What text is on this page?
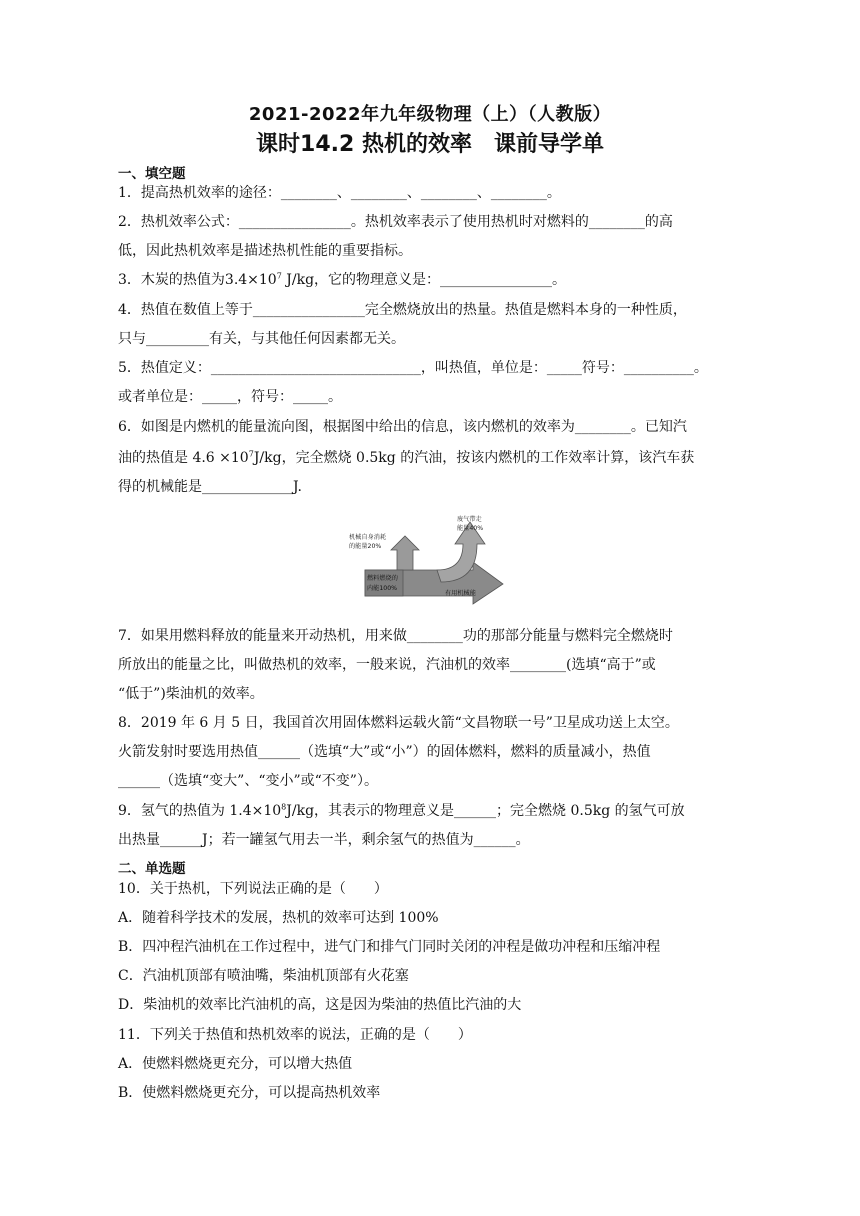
2021-2022年九年级物理（上）（人教版）
课时14.2 热机的效率　课前导学单
一、填空题
1．提高热机效率的途径：________、________、________、________。
2．热机效率公式：________________。热机效率表示了使用热机时对燃料的________的高
低，因此热机效率是描述热机性能的重要指标。
3．木炭的热值为$3.4\times 10^7$ J/kg，它的物理意义是：________________。
4．热值在数值上等于________________完全燃烧放出的热量。热值是燃料本身的一种性质，
只与_________有关，与其他任何因素都无关。
5．热值定义：______________________________，叫热值，单位是：_____符号：__________。
或者单位是：_____，符号：_____。
6．如图是内燃机的能量流向图，根据图中给出的信息，该内燃机的效率为________。已知汽
油的热值是 $4.6 \times 10^7J/kg$，完全燃烧 0.5kg 的汽油，按该内燃机的工作效率计算，该汽车获
得的机械能是_____________J.
废气带走
能量40%
机械自身消耗
的能量20%
燃料燃烧的
内能100%
有用机械能
7．如果用燃料释放的能量来开动热机，用来做________功的那部分能量与燃料完全燃烧时
所放出的能量之比，叫做热机的效率，一般来说，汽油机的效率________(选填“高于”或
“低于”)柴油机的效率。
8．2019 年 6 月 5 日，我国首次用固体燃料运载火箭“文昌物联一号”卫星成功送上太空。
火箭发射时要选用热值______（选填“大”或“小”）的固体燃料，燃料的质量减小，热值
______（选填“变大”、“变小”或“不变”）。
9．氢气的热值为 $1.4\times 10^8J/kg$，其表示的物理意义是______；完全燃烧 0.5kg 的氢气可放
出热量______J；若一罐氢气用去一半，剩余氢气的热值为______。
二、单选题
10．关于热机，下列说法正确的是（　　）
A．随着科学技术的发展，热机的效率可达到 100%
B．四冲程汽油机在工作过程中，进气门和排气门同时关闭的冲程是做功冲程和压缩冲程
C．汽油机顶部有喷油嘴，柴油机顶部有火花塞
D．柴油机的效率比汽油机的高，这是因为柴油的热值比汽油的大
11．下列关于热值和热机效率的说法，正确的是（　　）
A．使燃料燃烧更充分，可以增大热值
B．使燃料燃烧更充分，可以提高热机效率
